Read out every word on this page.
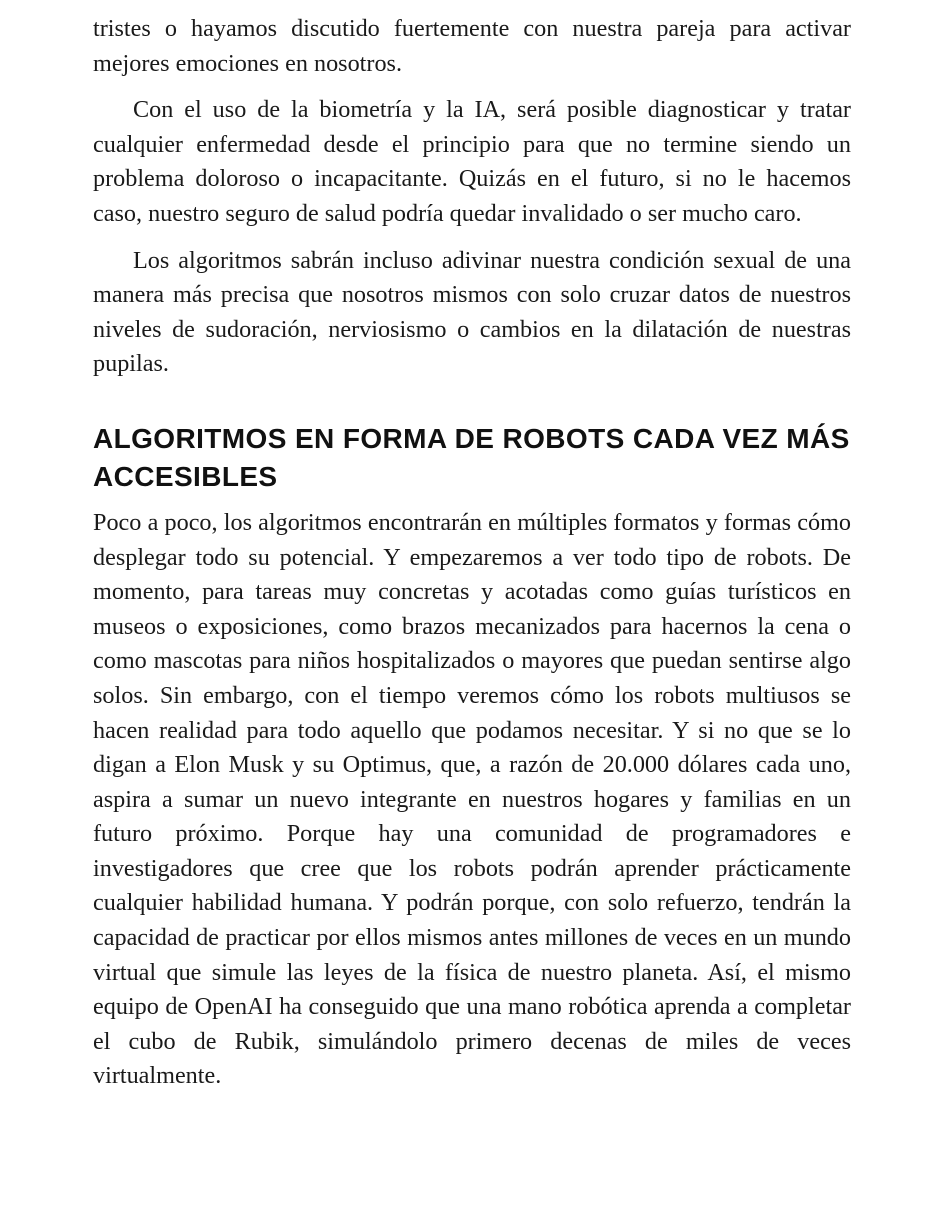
tristes o hayamos discutido fuertemente con nuestra pareja para activar mejores emociones en nosotros.

Con el uso de la biometría y la IA, será posible diagnosticar y tratar cualquier enfermedad desde el principio para que no termine siendo un problema doloroso o incapacitante. Quizás en el futuro, si no le hacemos caso, nuestro seguro de salud podría quedar invalidado o ser mucho caro.

Los algoritmos sabrán incluso adivinar nuestra condición sexual de una manera más precisa que nosotros mismos con solo cruzar datos de nuestros niveles de sudoración, nerviosismo o cambios en la dilatación de nuestras pupilas.

ALGORITMOS EN FORMA DE ROBOTS CADA VEZ MÁS ACCESIBLES

Poco a poco, los algoritmos encontrarán en múltiples formatos y formas cómo desplegar todo su potencial. Y empezaremos a ver todo tipo de robots. De momento, para tareas muy concretas y acotadas como guías turísticos en museos o exposiciones, como brazos mecanizados para hacernos la cena o como mascotas para niños hospitalizados o mayores que puedan sentirse algo solos. Sin embargo, con el tiempo veremos cómo los robots multiusos se hacen realidad para todo aquello que podamos necesitar. Y si no que se lo digan a Elon Musk y su Optimus, que, a razón de 20.000 dólares cada uno, aspira a sumar un nuevo integrante en nuestros hogares y familias en un futuro próximo. Porque hay una comunidad de programadores e investigadores que cree que los robots podrán aprender prácticamente cualquier habilidad humana. Y podrán porque, con solo refuerzo, tendrán la capacidad de practicar por ellos mismos antes millones de veces en un mundo virtual que simule las leyes de la física de nuestro planeta. Así, el mismo equipo de OpenAI ha conseguido que una mano robótica aprenda a completar el cubo de Rubik, simulándolo primero decenas de miles de veces virtualmente.
